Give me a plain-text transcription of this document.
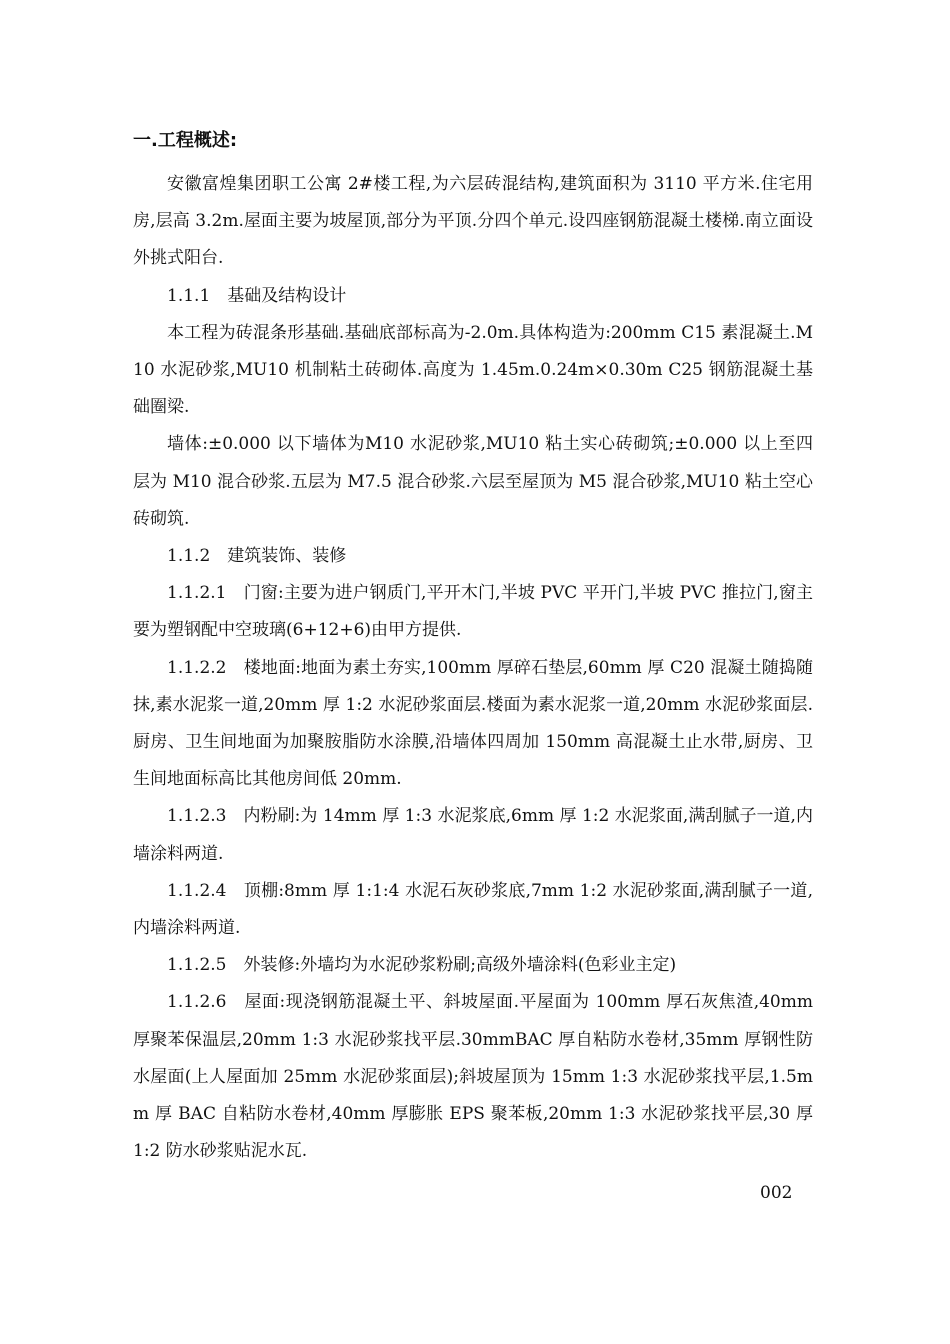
一.工程概述:

安徽富煌集团职工公寓 2#楼工程,为六层砖混结构,建筑面积为 3110 平方米.住宅用房,层高 3.2m.屋面主要为坡屋顶,部分为平顶.分四个单元.设四座钢筋混凝土楼梯.南立面设外挑式阳台.

1.1.1　基础及结构设计

本工程为砖混条形基础.基础底部标高为-2.0m.具体构造为:200mm C15 素混凝土.M10 水泥砂浆,MU10 机制粘土砖砌体.高度为 1.45m.0.24m×0.30m C25 钢筋混凝土基础圈梁.

墙体:±0.000 以下墙体为M10 水泥砂浆,MU10 粘土实心砖砌筑;±0.000 以上至四层为 M10 混合砂浆.五层为 M7.5 混合砂浆.六层至屋顶为 M5 混合砂浆,MU10 粘土空心砖砌筑.

1.1.2　建筑装饰、装修

1.1.2.1　门窗:主要为进户钢质门,平开木门,半坡 PVC 平开门,半坡 PVC 推拉门,窗主要为塑钢配中空玻璃(6+12+6)由甲方提供.

1.1.2.2　楼地面:地面为素土夯实,100mm 厚碎石垫层,60mm 厚 C20 混凝土随捣随抹,素水泥浆一道,20mm 厚 1:2 水泥砂浆面层.楼面为素水泥浆一道,20mm 水泥砂浆面层.厨房、卫生间地面为加聚胺脂防水涂膜,沿墙体四周加 150mm 高混凝土止水带,厨房、卫生间地面标高比其他房间低 20mm.

1.1.2.3　内粉刷:为 14mm 厚 1:3 水泥浆底,6mm 厚 1:2 水泥浆面,满刮腻子一道,内墙涂料两道.

1.1.2.4　顶棚:8mm 厚 1:1:4 水泥石灰砂浆底,7mm 1:2 水泥砂浆面,满刮腻子一道,内墙涂料两道.

1.1.2.5　外装修:外墙均为水泥砂浆粉刷;高级外墙涂料(色彩业主定)

1.1.2.6　屋面:现浇钢筋混凝土平、斜坡屋面.平屋面为 100mm 厚石灰焦渣,40mm 厚聚苯保温层,20mm 1:3 水泥砂浆找平层.30mmBAC 厚自粘防水卷材,35mm 厚钢性防水屋面(上人屋面加 25mm 水泥砂浆面层);斜坡屋顶为 15mm 1:3 水泥砂浆找平层,1.5mm 厚 BAC 自粘防水卷材,40mm 厚膨胀 EPS 聚苯板,20mm 1:3 水泥砂浆找平层,30 厚 1:2 防水砂浆贴泥水瓦.

002
